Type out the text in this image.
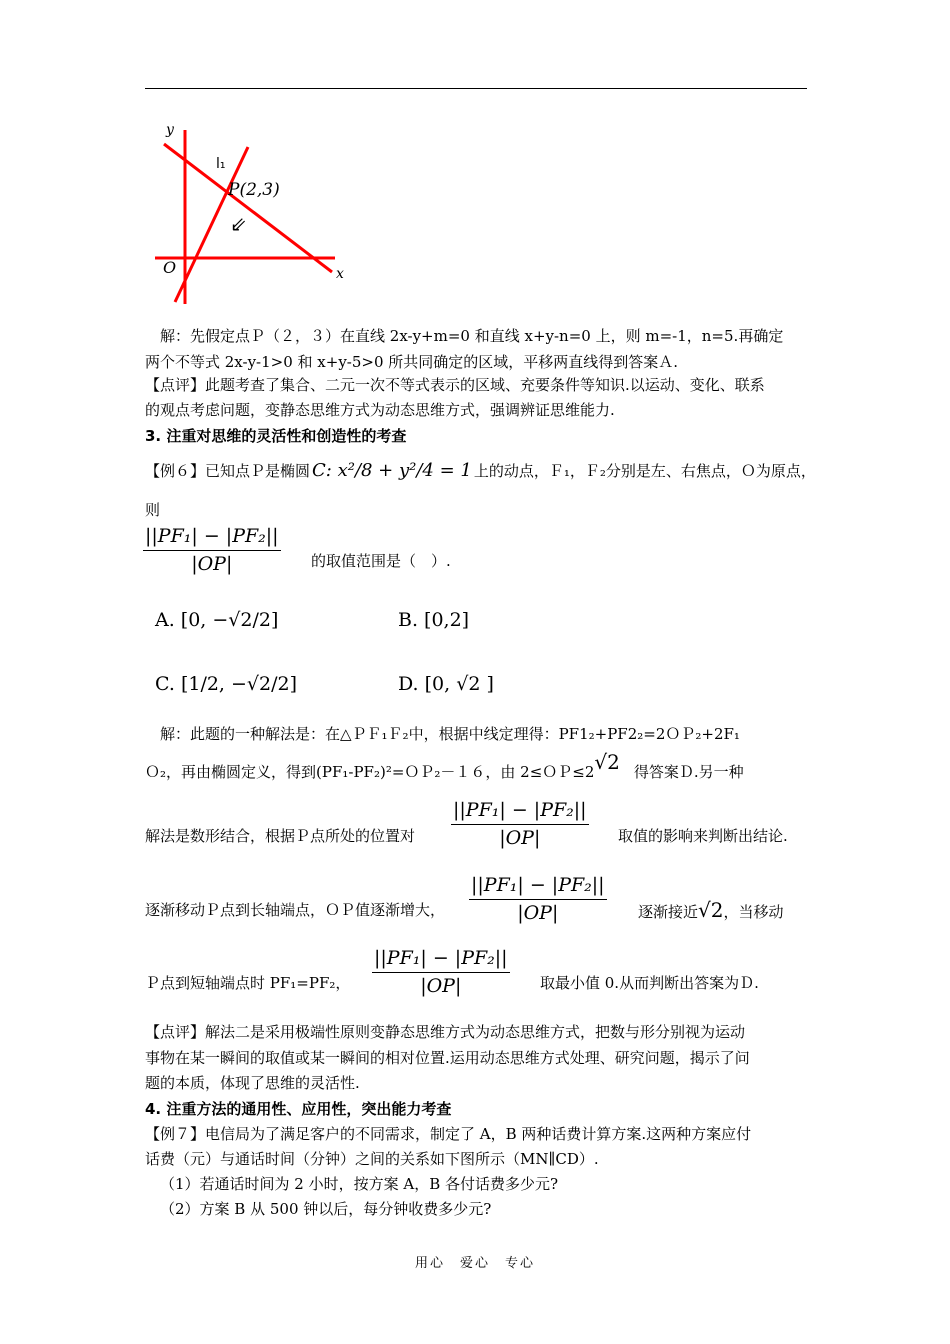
y
x
O
P(2,3)
l₁
⇙
解：先假定点Ｐ（２，３）在直线 2x-y+m=0 和直线 x+y-n=0 上，则 m=-1，n=5.再确定
两个不等式 2x-y-1>0 和 x+y-5>0 所共同确定的区域，平移两直线得到答案Ａ.
【点评】此题考查了集合、二元一次不等式表示的区域、充要条件等知识.以运动、变化、联系
的观点考虑问题，变静态思维方式为动态思维方式，强调辨证思维能力.
3. 注重对思维的灵活性和创造性的考查
【例６】已知点Ｐ是椭圆 C: x²/8 + y²/4 = 1 上的动点，Ｆ₁，Ｆ₂分别是左、右焦点，Ｏ为原点，
则
$\frac{\text{||PF₁| − |PF₂||}}{|OP|}$ 的取值范围是（　）.
A. [0, −√2/2]	B. [0,2]
C. [1/2, −√2/2]	D. [0, √2 ]
解：此题的一种解法是：在△ＰＦ₁Ｆ₂中，根据中线定理得：PF1₂+PF2₂=2ＯＰ₂+2F₁
Ｏ₂，再由椭圆定义，得到(PF₁-PF₂)²=ＯＰ₂－１６，由 2≤ＯＰ≤2√2 得答案Ｄ.另一种
解法是数形结合，根据Ｐ点所处的位置对 $\frac{\text{||PF₁| − |PF₂||}}{|OP|}$ 取值的影响来判断出结论.
逐渐移动Ｐ点到长轴端点，ＯＰ值逐渐增大， $\frac{\text{||PF₁| − |PF₂||}}{|OP|}$ 逐渐接近√2，当移动
Ｐ点到短轴端点时 PF₁=PF₂， $\frac{\text{||PF₁| − |PF₂||}}{|OP|}$ 取最小值 0.从而判断出答案为Ｄ.
【点评】解法二是采用极端性原则变静态思维方式为动态思维方式，把数与形分别视为运动
事物在某一瞬间的取值或某一瞬间的相对位置.运用动态思维方式处理、研究问题，揭示了问
题的本质，体现了思维的灵活性.
4. 注重方法的通用性、应用性，突出能力考查
【例７】电信局为了满足客户的不同需求，制定了 A，B 两种话费计算方案.这两种方案应付
话费（元）与通话时间（分钟）之间的关系如下图所示（MN∥CD）.
（1）若通话时间为 2 小时，按方案 A，B 各付话费多少元?
（2）方案 B 从 500 钟以后，每分钟收费多少元?
用心　爱心　专心
